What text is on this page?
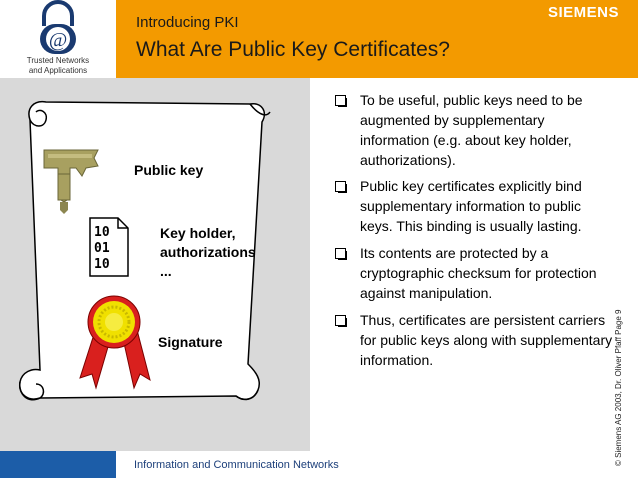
@
Trusted Networks
and Applications
Introducing PKI
What Are Public Key Certificates?
SIEMENS
10
01
10
Public key
Key holder,
authorizations
...
Signature
To be useful, public keys need to be augmented by supplementary information (e.g. about key holder, authorizations).
Public key certificates explicitly bind supplementary information to public keys. This binding is usually lasting.
Its contents are protected by a cryptographic checksum for protection against manipulation.
Thus, certificates are persistent carriers for public keys along with supplementary information.
Information and Communication Networks	© Siemens AG 2003, Dr. Oliver Pfaff Page 9
